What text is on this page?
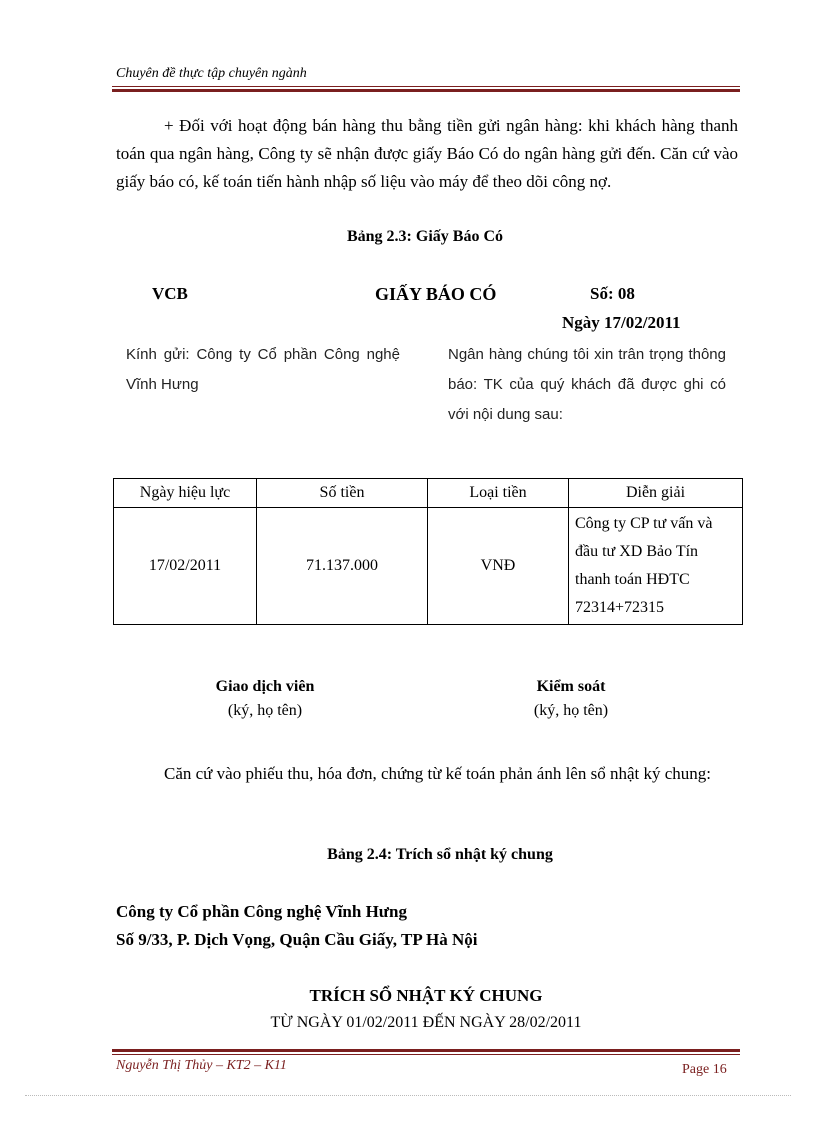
Chuyên đề thực tập chuyên ngành
+ Đối với hoạt động bán hàng thu bằng tiền gửi ngân hàng: khi khách hàng thanh toán qua ngân hàng, Công ty sẽ nhận được giấy Báo Có do ngân hàng gửi đến. Căn cứ vào giấy báo có, kế toán tiến hành nhập số liệu vào máy để theo dõi công nợ.
Bảng 2.3: Giấy Báo Có
VCB	GIẤY BÁO CÓ	Số: 08
Ngày 17/02/2011
Kính gửi: Công ty Cổ phần Công nghệ Vĩnh Hưng
Ngân hàng chúng tôi xin trân trọng thông báo: TK của quý khách đã được ghi có với nội dung sau:
Ngày hiệu lực	Số tiền	Loại tiền	Diễn giải
17/02/2011	71.137.000	VNĐ	Công ty CP tư vấn và đầu tư XD Bảo Tín thanh toán HĐTC 72314+72315
Giao dịch viên
(ký, họ tên)
Kiểm soát
(ký, họ tên)
Căn cứ vào phiếu thu, hóa đơn, chứng từ kế toán phản ánh lên sổ nhật ký chung:
Bảng 2.4: Trích sổ nhật ký chung
Công ty Cổ phần Công nghệ Vĩnh Hưng
Số 9/33, P. Dịch Vọng, Quận Cầu Giấy, TP Hà Nội
TRÍCH SỔ NHẬT KÝ CHUNG
TỪ NGÀY 01/02/2011 ĐẾN NGÀY 28/02/2011
Nguyễn Thị Thủy – KT2 – K11	Page 16
